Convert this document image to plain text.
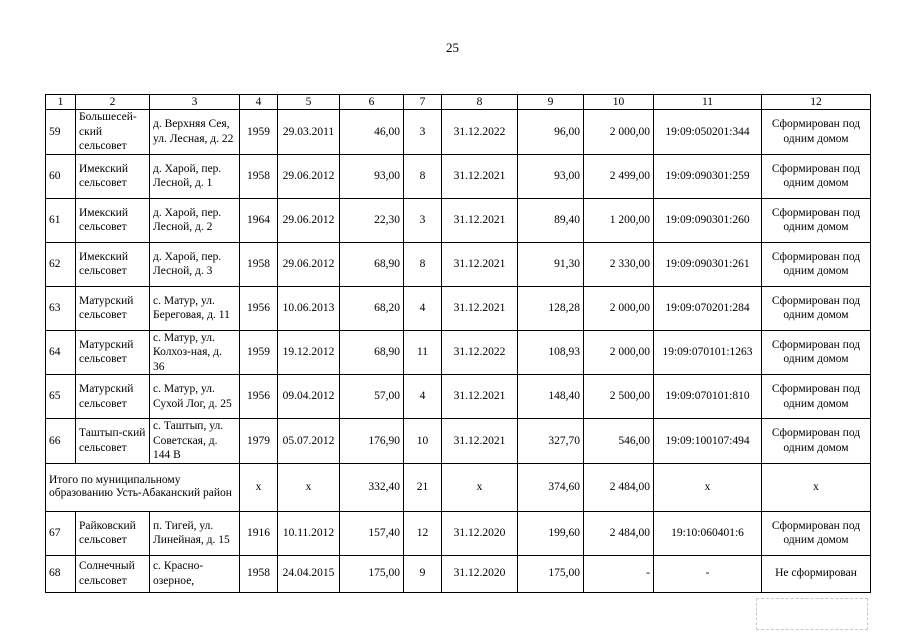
25
1	2	3	4	5	6	7	8	9	10	11	12
59	Большесей-ский сельсовет	д. Верхняя Сея, ул. Лесная, д. 22	1959	29.03.2011	46,00	3	31.12.2022	96,00	2 000,00	19:09:050201:344	Сформирован под одним домом
60	Имекский сельсовет	д. Харой, пер. Лесной, д. 1	1958	29.06.2012	93,00	8	31.12.2021	93,00	2 499,00	19:09:090301:259	Сформирован под одним домом
61	Имекский сельсовет	д. Харой, пер. Лесной, д. 2	1964	29.06.2012	22,30	3	31.12.2021	89,40	1 200,00	19:09:090301:260	Сформирован под одним домом
62	Имекский сельсовет	д. Харой, пер. Лесной, д. 3	1958	29.06.2012	68,90	8	31.12.2021	91,30	2 330,00	19:09:090301:261	Сформирован под одним домом
63	Матурский сельсовет	с. Матур, ул. Береговая, д. 11	1956	10.06.2013	68,20	4	31.12.2021	128,28	2 000,00	19:09:070201:284	Сформирован под одним домом
64	Матурский сельсовет	с. Матур, ул. Колхоз-ная, д. 36	1959	19.12.2012	68,90	11	31.12.2022	108,93	2 000,00	19:09:070101:1263	Сформирован под одним домом
65	Матурский сельсовет	с. Матур, ул. Сухой Лог, д. 25	1956	09.04.2012	57,00	4	31.12.2021	148,40	2 500,00	19:09:070101:810	Сформирован под одним домом
66	Таштып-ский сельсовет	с. Таштып, ул. Советская, д. 144 В	1979	05.07.2012	176,90	10	31.12.2021	327,70	546,00	19:09:100107:494	Сформирован под одним домом
Итого по муниципальному образованию Усть-Абаканский район			х	х	332,40	21	х	374,60	2 484,00	х	х
67	Райковский сельсовет	п. Тигей, ул. Линейная, д. 15	1916	10.11.2012	157,40	12	31.12.2020	199,60	2 484,00	19:10:060401:6	Сформирован под одним домом
68	Солнечный сельсовет	с. Красно-озерное,	1958	24.04.2015	175,00	9	31.12.2020	175,00	-	-	Не сформирован
